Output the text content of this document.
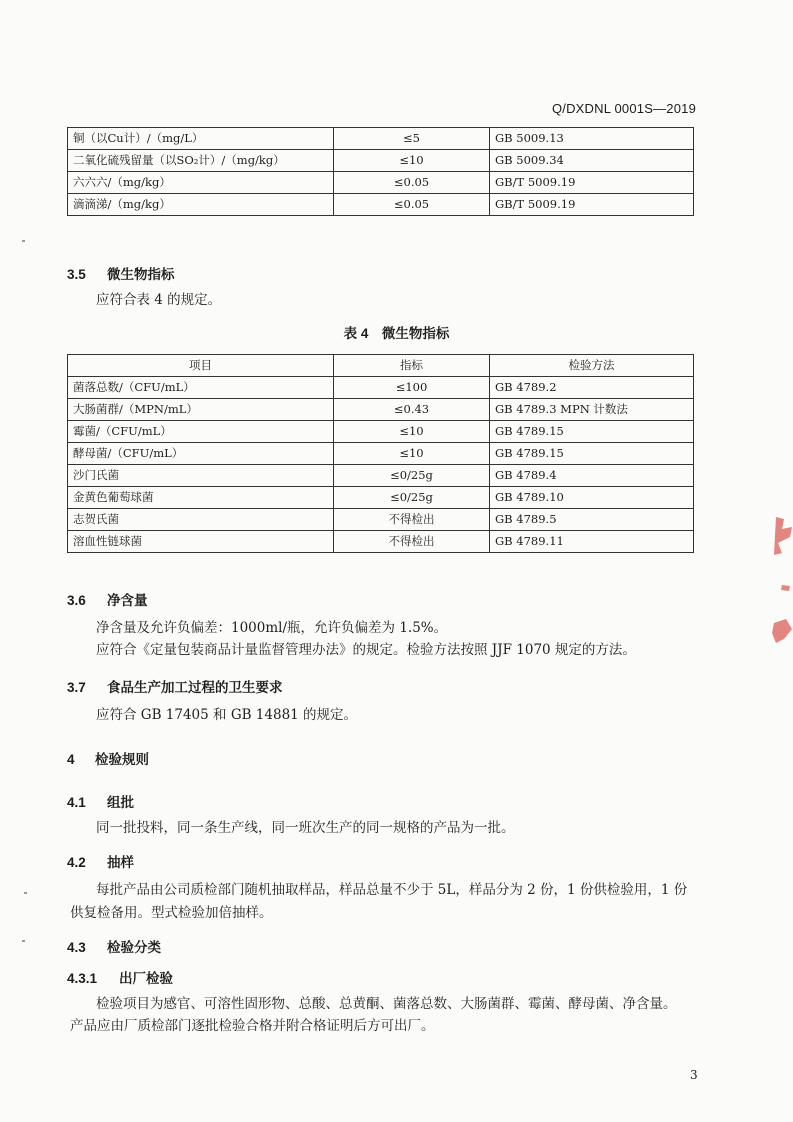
Q/DXDNL 0001S—2019
铜（以Cu计）/（mg/L）	≤5	GB 5009.13
二氧化硫残留量（以SO₂计）/（mg/kg）	≤10	GB 5009.34
六六六/（mg/kg）	≤0.05	GB/T 5009.19
滴滴涕/（mg/kg）	≤0.05	GB/T 5009.19
3.5 微生物指标
应符合表 4 的规定。
表 4　微生物指标
项目	指标	检验方法
菌落总数/（CFU/mL）	≤100	GB 4789.2
大肠菌群/（MPN/mL）	≤0.43	GB 4789.3 MPN 计数法
霉菌/（CFU/mL）	≤10	GB 4789.15
酵母菌/（CFU/mL）	≤10	GB 4789.15
沙门氏菌	≤0/25g	GB 4789.4
金黄色葡萄球菌	≤0/25g	GB 4789.10
志贺氏菌	不得检出	GB 4789.5
溶血性链球菌	不得检出	GB 4789.11
3.6 净含量
净含量及允许负偏差：1000ml/瓶，允许负偏差为 1.5%。
应符合《定量包装商品计量监督管理办法》的规定。检验方法按照 JJF 1070 规定的方法。
3.7 食品生产加工过程的卫生要求
应符合 GB 17405 和 GB 14881 的规定。
4 检验规则
4.1 组批
同一批投料，同一条生产线，同一班次生产的同一规格的产品为一批。
4.2 抽样
每批产品由公司质检部门随机抽取样品，样品总量不少于 5L，样品分为 2 份，1 份供检验用，1 份
供复检备用。型式检验加倍抽样。
4.3 检验分类
4.3.1 出厂检验
检验项目为感官、可溶性固形物、总酸、总黄酮、菌落总数、大肠菌群、霉菌、酵母菌、净含量。
产品应由厂质检部门逐批检验合格并附合格证明后方可出厂。
3
